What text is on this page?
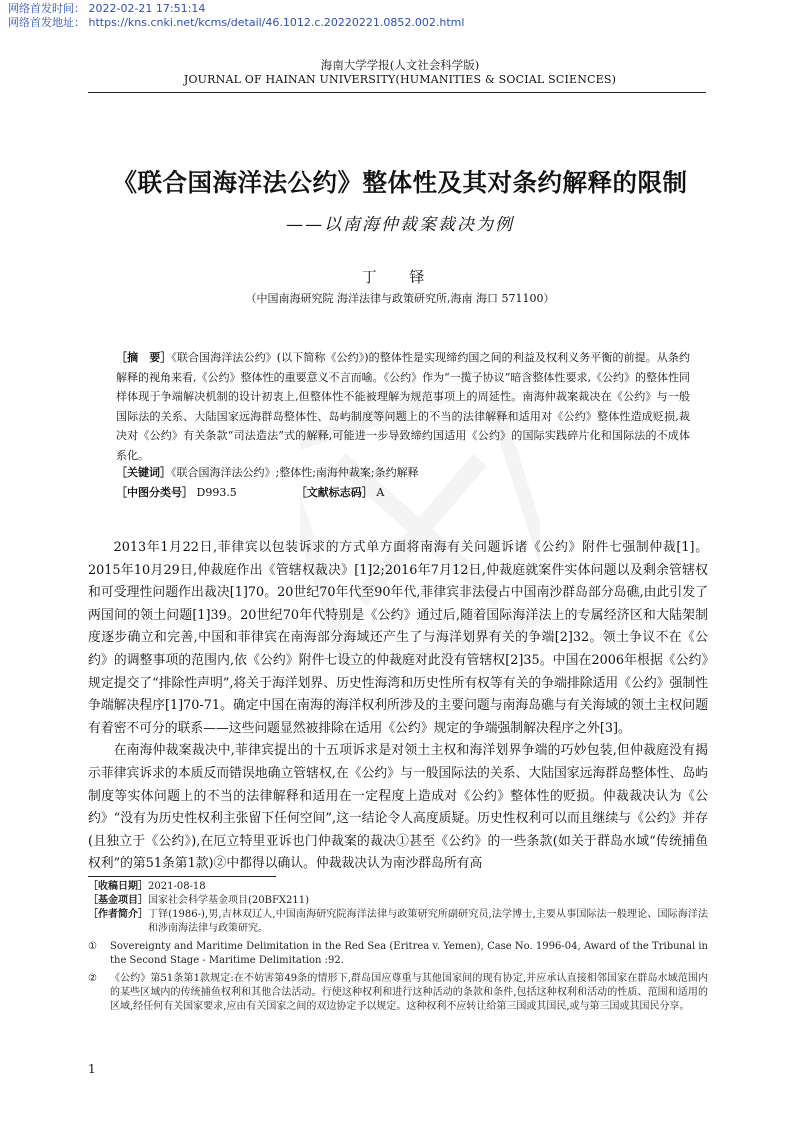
网络首发时间： 2022-02-21 17:51:14
网络首发地址： https://kns.cnki.net/kcms/detail/46.1012.c.20220221.0852.002.html
海南大学学报(人文社会科学版)
JOURNAL OF HAINAN UNIVERSITY(HUMANITIES & SOCIAL SCIENCES)
《联合国海洋法公约》整体性及其对条约解释的限制
——以南海仲裁案裁决为例
丁 铎
（中国南海研究院 海洋法律与政策研究所,海南 海口 571100）
［摘　要］《联合国海洋法公约》(以下简称《公约》)的整体性是实现缔约国之间的利益及权利义务平衡的前提。从条约解释的视角来看,《公约》整体性的重要意义不言而喻。《公约》作为“一揽子协议”暗含整体性要求,《公约》的整体性同样体现于争端解决机制的设计初衷上,但整体性不能被理解为规范事项上的周延性。南海仲裁案裁决在《公约》与一般国际法的关系、大陆国家远海群岛整体性、岛屿制度等问题上的不当的法律解释和适用对《公约》整体性造成贬损,裁决对《公约》有关条款“司法造法”式的解释,可能进一步导致缔约国适用《公约》的国际实践碎片化和国际法的不成体系化。
［关键词］《联合国海洋法公约》;整体性;南海仲裁案;条约解释
［中图分类号］ D993.5	［文献标志码］ A

2013年1月22日,菲律宾以包装诉求的方式单方面将南海有关问题诉诸《公约》附件七强制仲裁[1]。2015年10月29日,仲裁庭作出《管辖权裁决》[1]2;2016年7月12日,仲裁庭就案件实体问题以及剩余管辖权和可受理性问题作出裁决[1]70。20世纪70年代至90年代,菲律宾非法侵占中国南沙群岛部分岛礁,由此引发了两国间的领土问题[1]39。20世纪70年代特别是《公约》通过后,随着国际海洋法上的专属经济区和大陆架制度逐步确立和完善,中国和菲律宾在南海部分海域还产生了与海洋划界有关的争端[2]32。领土争议不在《公约》的调整事项的范围内,依《公约》附件七设立的仲裁庭对此没有管辖权[2]35。中国在2006年根据《公约》规定提交了“排除性声明”,将关于海洋划界、历史性海湾和历史性所有权等有关的争端排除适用《公约》强制性争端解决程序[1]70-71。确定中国在南海的海洋权利所涉及的主要问题与南海岛礁与有关海域的领土主权问题有着密不可分的联系——这些问题显然被排除在适用《公约》规定的争端强制解决程序之外[3]。

在南海仲裁案裁决中,菲律宾提出的十五项诉求是对领土主权和海洋划界争端的巧妙包装,但仲裁庭没有揭示菲律宾诉求的本质反而错误地确立管辖权,在《公约》与一般国际法的关系、大陆国家远海群岛整体性、岛屿制度等实体问题上的不当的法律解释和适用在一定程度上造成对《公约》整体性的贬损。仲裁裁决认为《公约》“没有为历史性权利主张留下任何空间”,这一结论令人高度质疑。历史性权利可以而且继续与《公约》并存(且独立于《公约》),在厄立特里亚诉也门仲裁案的裁决①甚至《公约》的一些条款(如关于群岛水域“传统捕鱼权利”的第51条第1款)②中都得以确认。仲裁裁决认为南沙群岛所有高

［收稿日期］ 2021-08-18
［基金项目］ 国家社会科学基金项目(20BFX211)
［作者简介］ 丁铎(1986-),男,吉林双辽人,中国南海研究院海洋法律与政策研究所副研究员,法学博士,主要从事国际法一般理论、国际海洋法和涉南海法律与政策研究。
①	Sovereignty and Maritime Delimitation in the Red Sea (Eritrea v. Yemen), Case No. 1996-04, Award of the Tribunal in the Second Stage - Maritime Delimitation :92.
②	《公约》第51条第1款规定:在不妨害第49条的情形下,群岛国应尊重与其他国家间的现有协定,并应承认直接相邻国家在群岛水域范围内的某些区域内的传统捕鱼权利和其他合法活动。行使这种权利和进行这种活动的条款和条件,包括这种权利和活动的性质、范围和适用的区域,经任何有关国家要求,应由有关国家之间的双边协定予以规定。这种权利不应转让给第三国或其国民,或与第三国或其国民分享。
1
